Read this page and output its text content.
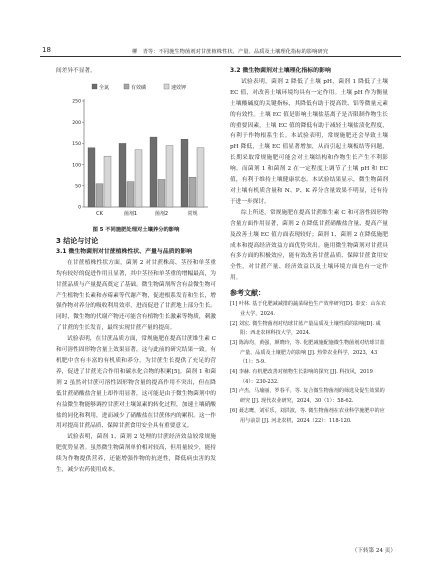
18	柳　青等：不同施生物菌剂对甘蔗植株性状、产量、品质及土壤理化指标的影响研究

间差异不显著。

全氮	有效磷	速效钾
0
50
100
150
200
250
CK	菌剂1	菌剂2	常规
图 5 不同施肥处理对土壤养分的影响
3 结论与讨论
3.1 微生物菌剂对甘蔗植株性状、产量与品质的影响

在甘蔗植株性状方面，菌剂 2 对甘蔗株高、茎径和单茎重均有较好的促进作用且显著，其中茎径和单茎重的增幅最高，为甘蔗品质与产量提高奠定了基础。微生物菌剂所含有益微生物可产生植物生长素和赤霉素等代谢产物，促进根系发育和生长，增强作物对养分的吸收利用效率，进而促进了甘蔗地上部分生长。同时，微生物的代谢产物还可能含有植物生长激素等物质，刺激了甘蔗的生长发育，最终实现甘蔗产量的提高。

试验表明，在甘蔗品质方面，常规施肥在提高甘蔗维生素 C 和可溶性固形物含量上效果显著，这与此前的研究结果一致。有机肥中含有丰富的有机质和养分，为甘蔗生长提供了充足的营养，促进了甘蔗光合作用和碳水化合物的积累[5]。菌剂 1 和菌剂 2 虽然对甘蔗可溶性固形物含量的提高作用不突出，但在降低甘蔗硝酸盐含量上却作用显著，这可能是由于微生物菌剂中的有益微生物能够调控甘蔗对土壤氮素的转化过程，加速土壤硝酸盐的同化和利用，进而减少了硝酸盐在甘蔗体内的累积。这一作用对提高甘蔗品质、保障甘蔗食用安全具有重要意义。

试验表明，菌剂 1、菌剂 2 处理的甘蔗经济效益较常规施肥优势显著。虽然微生物菌剂单价相对较高，但用量较少，能持续为作物提供营养，还能增强作物的抗逆性，降低病虫害的发生，减少农药使用成本。

3.2 微生物菌剂对土壤理化指标的影响

试验表明，菌剂 2 降低了土壤 pH，菌剂 1 降低了土壤 EC 值，对改善土壤环境均具有一定作用。土壤 pH 作为衡量土壤酸碱度的关键指标，其降低有助于提高铁、铝等微量元素的有效性。土壤 EC 值是影响土壤盐基离子是否限制作物生长的重要因素，土壤 EC 值的降低有助于减轻土壤盐渍化程度，有利于作物根系生长。本试验表明，常规施肥还会导致土壤 pH 降低，土壤 EC 值显著增加，从而引起土壤板结等问题，长期采取常规施肥可能会对土壤结构和作物生长产生不利影响。而菌剂 1 和菌剂 2 在一定程度上调节了土壤 pH 和 EC 值，有利于维持土壤健康状态。本试验结果显示，微生物菌剂对土壤有机质含量和 N、P、K 养分含量效果不明显，还有待于进一步探讨。

综上所述，常规施肥在提高甘蔗维生素 C 和可溶性固形物含量方面作用显著，菌剂 2 在降低甘蔗硝酸盐含量、提高产量及改善土壤 EC 值方面表现较好；菌剂 1、菌剂 2 在降低施肥成本和提高经济效益方面优势突出。施用微生物菌剂对甘蔗具有多方面的积极效应，能有效改善甘蔗品质、保障甘蔗食用安全性，对甘蔗产量、经济效益以及土壤环境方面也有一定作用。

参考文献：
[1] 叶林. 基于化肥减减排的蔬菜绿色生产效率研究[D]. 泰安：山东农业大学，2024.
[2] 刘宏. 微生物菌剂对结球甘蓝产量品质及土壤性质的影响[D]. 咸阳：西北农林科技大学，2024.
[3] 陈海均，黄强，颜晓玲，等. 化肥减施配施微生物菌剂对结球甘蓝产量、品质及土壤肥力的影响 [J]. 热带农业科学，2023，43（1）：5-9.
[4] 李赫. 有机肥改善对植物生长影响的探究 [J]. 科技风，2019（4）：230-232.
[5] 卢杰，马瑜丽，罗春平，等. 复合微生物菌剂的筛选及促生效果的研究 [J]. 现代农业研究，2024，30（1）：58-62.
[6] 聂志鹰，刘军乐，刘洪波，等. 微生物菌剂在农业科学施肥中的应用与前景 [J]. 河北农机，2024（22）：118-120.
（下转第 24 页）
